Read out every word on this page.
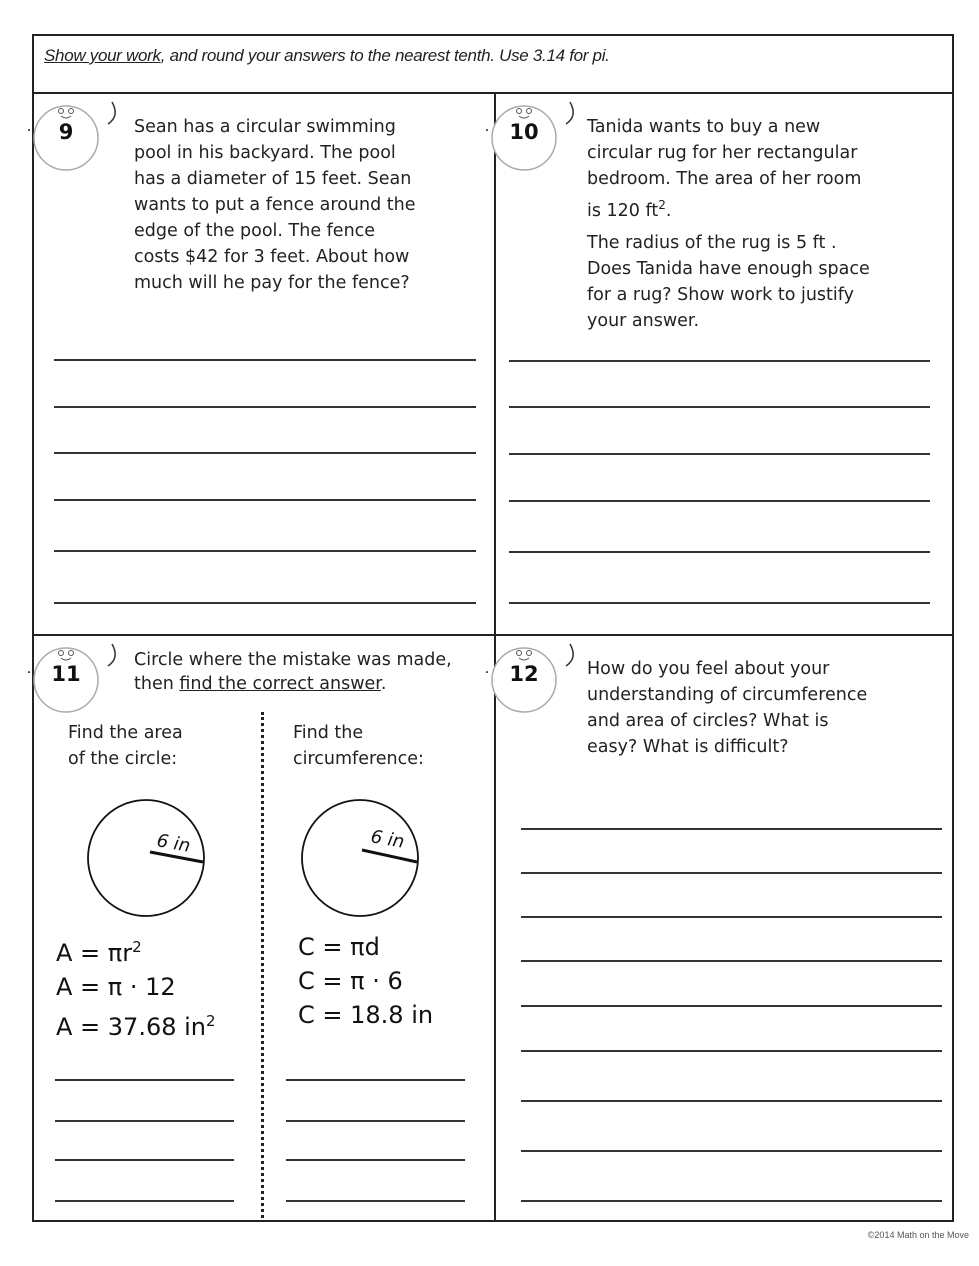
Show your work, and round your answers to the nearest tenth. Use 3.14 for pi.
9	Sean has a circular swimming

pool in his backyard. The pool

has a diameter of 15 feet. Sean

wants to put a fence around the

edge of the pool. The fence

costs $42 for 3 feet. About how

much will he pay for the fence?

10	Tanida wants to buy a new

circular rug for her rectangular

bedroom. The area of her room

is 120 $ft^2$.

The radius of the rug is 5 ft .

Does Tanida have enough space

for a rug? Show work to justify

your answer.

11

Circle where the mistake was made,

then find the correct answer.

Find the area
of the circle:
6 in
$A = \pi r^2$
A = π · 12
A = 37.68 $in^2$
Find the
circumference:
6 in
C = πd
C = π · 6
C = 18.8 in
12	How do you feel about your

understanding of circumference

and area of circles? What is

easy? What is difficult?

©2014 Math on the Move
